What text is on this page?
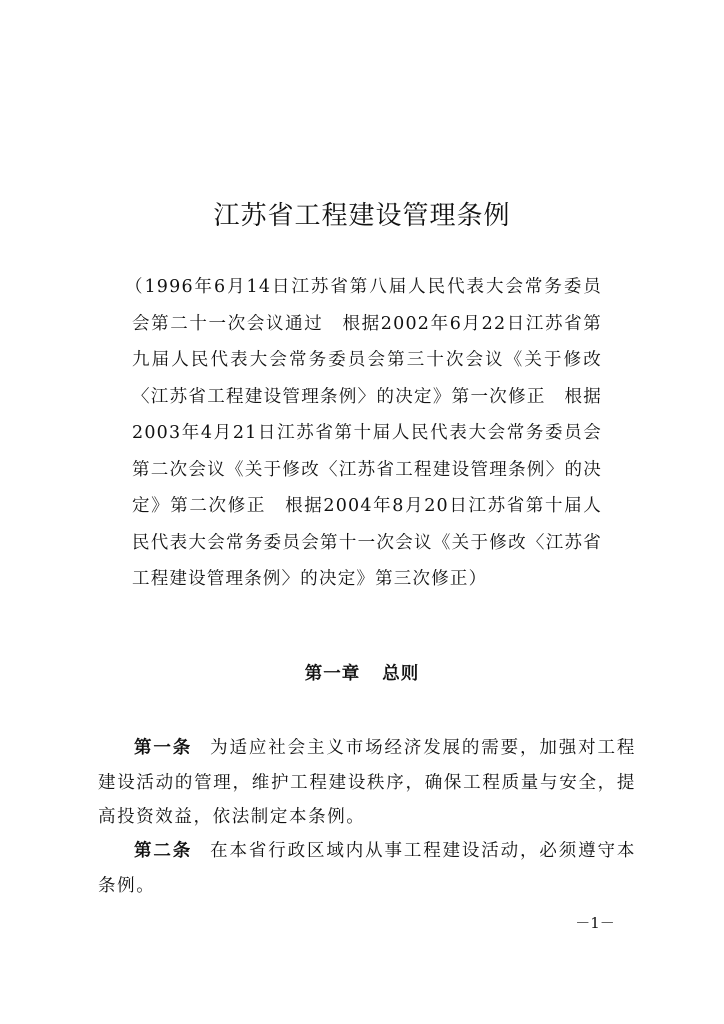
江苏省工程建设管理条例

（1996年6月14日江苏省第八届人民代表大会常务委员会第二十一次会议通过　根据2002年6月22日江苏省第九届人民代表大会常务委员会第三十次会议《关于修改〈江苏省工程建设管理条例〉的决定》第一次修正　根据2003年4月21日江苏省第十届人民代表大会常务委员会第二次会议《关于修改〈江苏省工程建设管理条例〉的决定》第二次修正　根据2004年8月20日江苏省第十届人民代表大会常务委员会第十一次会议《关于修改〈江苏省工程建设管理条例〉的决定》第三次修正）

第一章 总则

第一条 为适应社会主义市场经济发展的需要，加强对工程建设活动的管理，维护工程建设秩序，确保工程质量与安全，提高投资效益，依法制定本条例。

第二条 在本省行政区域内从事工程建设活动，必须遵守本条例。

－1－
